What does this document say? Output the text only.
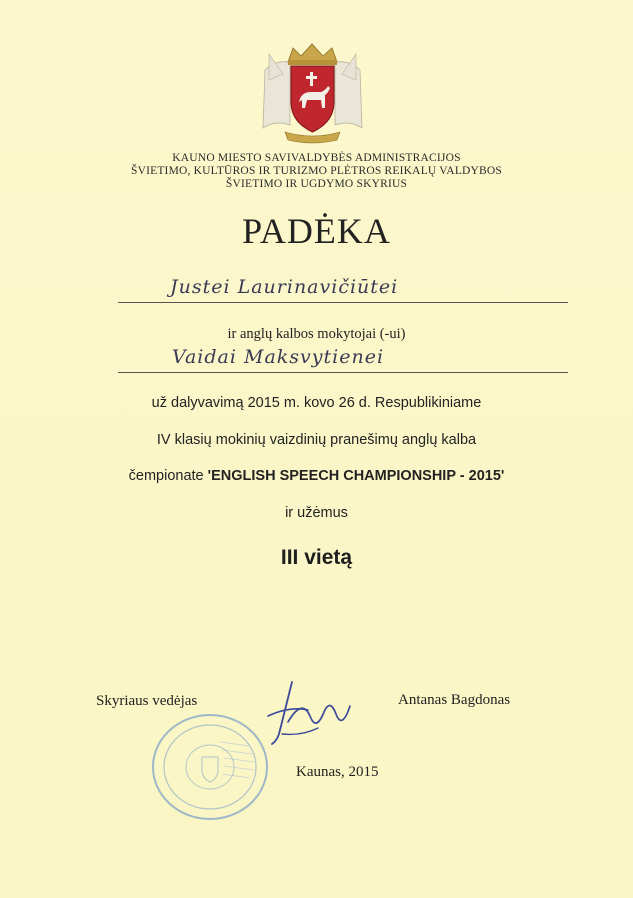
KAUNO MIESTO SAVIVALDYBĖS ADMINISTRACIJOS
ŠVIETIMO, KULTŪROS IR TURIZMO PLĖTROS REIKALŲ VALDYBOS
ŠVIETIMO IR UGDYMO SKYRIUS
PADĖKA
Justei Laurinavičiūtei
ir anglų kalbos mokytojai (-ui)
Vaidai Maksvytienei
už dalyvavimą 2015 m. kovo 26 d. Respublikiniame
IV klasių mokinių vaizdinių pranešimų anglų kalba
čempionate 'ENGLISH SPEECH CHAMPIONSHIP - 2015'
ir užėmus
III vietą
Skyriaus vedėjas	Antanas Bagdonas
Kaunas, 2015
